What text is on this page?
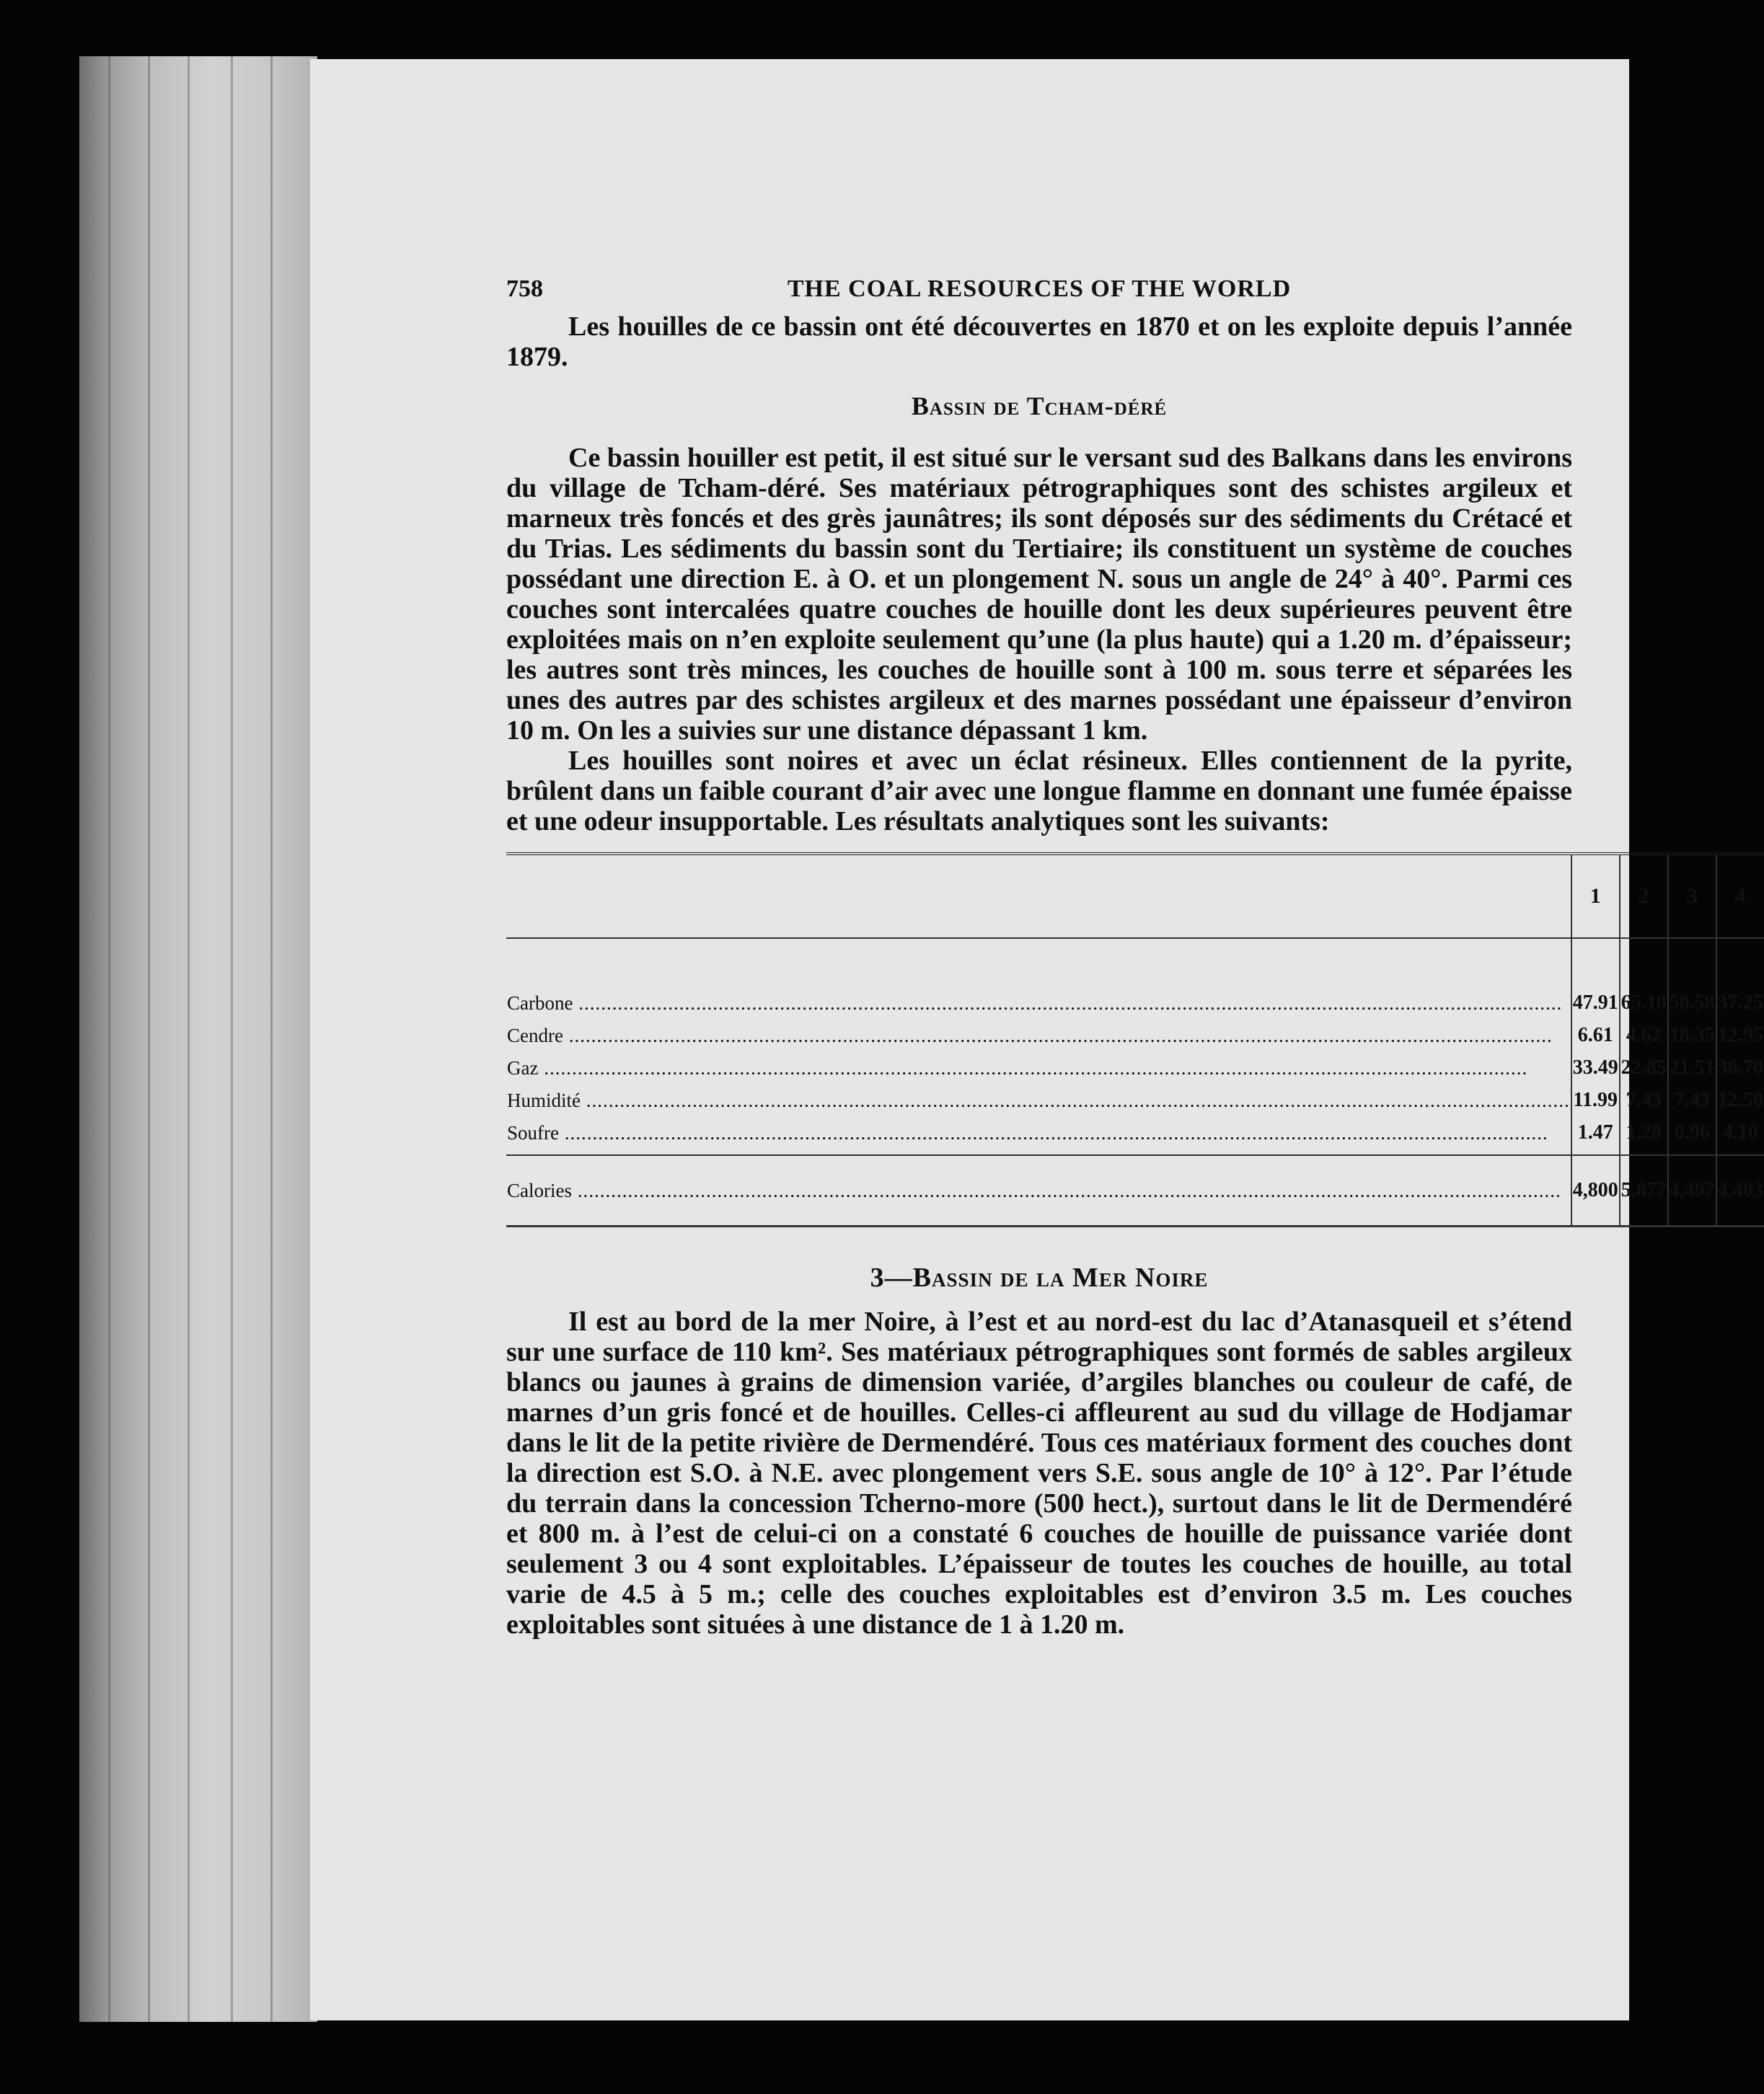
758	THE COAL RESOURCES OF THE WORLD

Les houilles de ce bassin ont été découvertes en 1870 et on les exploite depuis l’année 1879.

Bassin de Tcham-déré

Ce bassin houiller est petit, il est situé sur le versant sud des Balkans dans les environs du village de Tcham-déré. Ses matériaux pétrographiques sont des schistes argileux et marneux très foncés et des grès jaunâtres; ils sont déposés sur des sédiments du Crétacé et du Trias. Les sédiments du bassin sont du Tertiaire; ils constituent un système de couches possédant une direction E. à O. et un plongement N. sous un angle de 24° à 40°. Parmi ces couches sont intercalées quatre couches de houille dont les deux supérieures peuvent être exploitées mais on n’en exploite seulement qu’une (la plus haute) qui a 1.20 m. d’épaisseur; les autres sont très minces, les couches de houille sont à 100 m. sous terre et séparées les unes des autres par des schistes argileux et des marnes possédant une épaisseur d’environ 10 m. On les a suivies sur une distance dépassant 1 km.

Les houilles sont noires et avec un éclat résineux. Elles contiennent de la pyrite, brûlent dans un faible courant d’air avec une longue flamme en donnant une fumée épaisse et une odeur insupportable. Les résultats analytiques sont les suivants:

	1	2	3	4
Carbone .....	47.91	65.10	50.58	37.25
Cendre .....	6.61	4.62	18.35	12.95
Gaz .....	33.49	22.85	21.51	36.70
Humidité .....	11.99	7.43	7.43	12.50
Soufre .....	1.47	1.28	0.96	4.10
Calories .....	4,800	5,877	4,497	4,403
3—Bassin de la Mer Noire

Il est au bord de la mer Noire, à l’est et au nord-est du lac d’Atanasqueil et s’étend sur une surface de 110 km². Ses matériaux pétrographiques sont formés de sables argileux blancs ou jaunes à grains de dimension variée, d’argiles blanches ou couleur de café, de marnes d’un gris foncé et de houilles. Celles-ci affleurent au sud du village de Hodjamar dans le lit de la petite rivière de Dermendéré. Tous ces matériaux forment des couches dont la direction est S.O. à N.E. avec plongement vers S.E. sous angle de 10° à 12°. Par l’étude du terrain dans la concession Tcherno-more (500 hect.), surtout dans le lit de Dermendéré et 800 m. à l’est de celui-ci on a constaté 6 couches de houille de puissance variée dont seulement 3 ou 4 sont exploitables. L’épaisseur de toutes les couches de houille, au total varie de 4.5 à 5 m.; celle des couches exploitables est d’environ 3.5 m. Les couches exploitables sont situées à une distance de 1 à 1.20 m.
